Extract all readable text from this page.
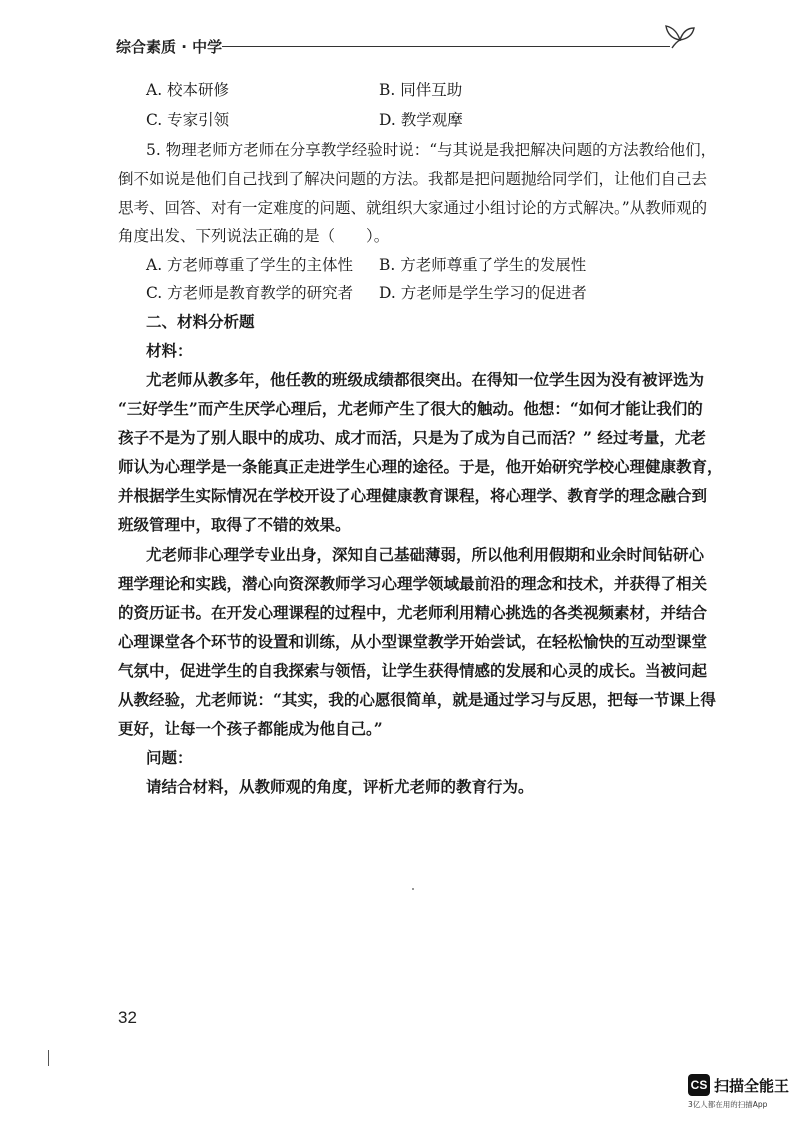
综合素质 · 中学
A. 校本研修	B. 同伴互助
C. 专家引领	D. 教学观摩
5. 物理老师方老师在分享教学经验时说：“与其说是我把解决问题的方法教给他们，
倒不如说是他们自己找到了解决问题的方法。我都是把问题抛给同学们，让他们自己去
思考、回答、对有一定难度的问题、就组织大家通过小组讨论的方式解决。”从教师观的
角度出发、下列说法正确的是（　　）。
A. 方老师尊重了学生的主体性 B. 方老师尊重了学生的发展性
C. 方老师是教育教学的研究者 D. 方老师是学生学习的促进者
二、材料分析题
材料：
尤老师从教多年，他任教的班级成绩都很突出。在得知一位学生因为没有被评选为
“三好学生”而产生厌学心理后，尤老师产生了很大的触动。他想：“如何才能让我们的
孩子不是为了别人眼中的成功、成才而活，只是为了成为自己而活？” 经过考量，尤老
师认为心理学是一条能真正走进学生心理的途径。于是，他开始研究学校心理健康教育，
并根据学生实际情况在学校开设了心理健康教育课程，将心理学、教育学的理念融合到
班级管理中，取得了不错的效果。
尤老师非心理学专业出身，深知自己基础薄弱，所以他利用假期和业余时间钻研心
理学理论和实践，潜心向资深教师学习心理学领域最前沿的理念和技术，并获得了相关
的资历证书。在开发心理课程的过程中，尤老师利用精心挑选的各类视频素材，并结合
心理课堂各个环节的设置和训练，从小型课堂教学开始尝试，在轻松愉快的互动型课堂
气氛中，促进学生的自我探索与领悟，让学生获得情感的发展和心灵的成长。当被问起
从教经验，尤老师说：“其实，我的心愿很简单，就是通过学习与反思，把每一节课上得
更好，让每一个孩子都能成为他自己。”
问题：
请结合材料，从教师观的角度，评析尤老师的教育行为。
32
CS 扫描全能王
3亿人都在用的扫描App
